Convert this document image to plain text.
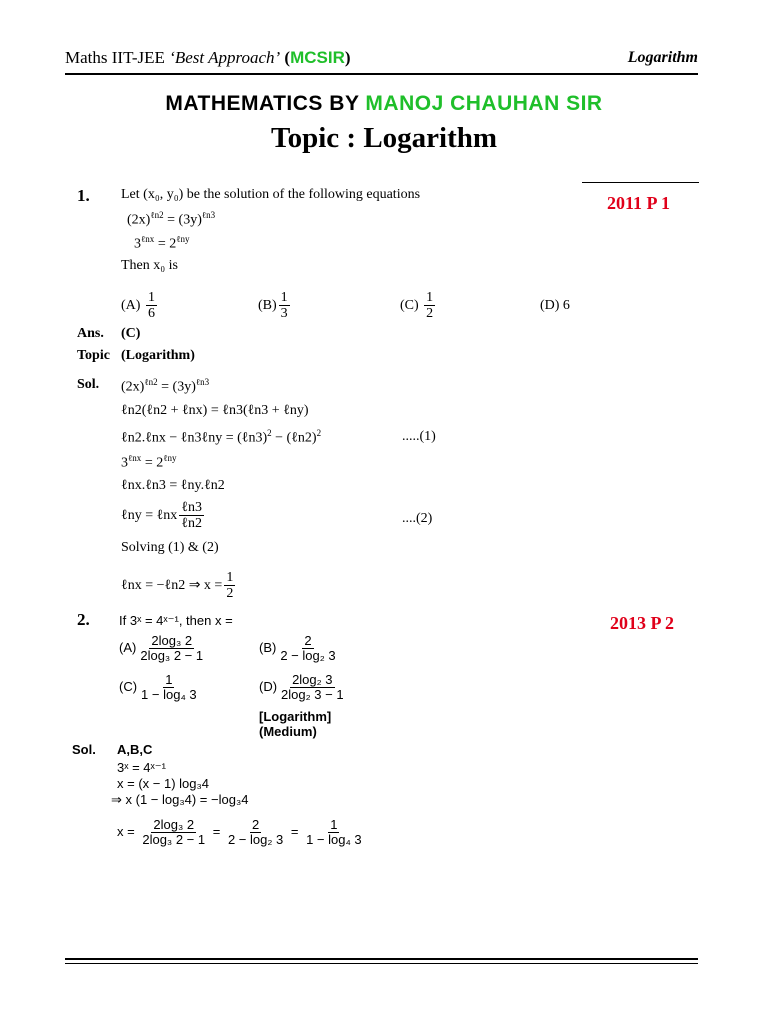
Maths IIT-JEE ‘Best Approach’ (MCSIR)	Logarithm
MATHEMATICS BY MANOJ CHAUHAN SIR
Topic : Logarithm
1.	2011 P 1
Let (x₀, y₀) be the solution of the following equations
$(2x)^{\ell n2} = (3y)^{\ell n3}$
$3^{\ell nx} = 2^{\ell ny}$
Then x₀ is
$(A) \frac{1}{6}$	$(B) \frac{1}{3}$	$(C) \frac{1}{2}$	(D) 6
Ans. (C)
Topic (Logarithm)
Sol. $(2x)^{\ell n2} = (3y)^{\ell n3}$
ℓn2(ℓn2 + ℓnx) = ℓn3(ℓn3 + ℓny)
ℓn2.ℓnx − ℓn3ℓny = (ℓn3)$^2$ − (ℓn2)$^2$	.....(1)
$3^{\ell nx} = 2^{\ell ny}$
ℓnx.ℓn3 = ℓny.ℓn2
ℓny = ℓnx $\frac{\text{ℓn3}}{\text{ℓn2}}$	....(2)
Solving (1) & (2)
ℓnx = −ℓn2 ⇒ $x = \frac{1}{2}$
2.	2013 P 2
If 3ˣ = 4ˣ⁻¹, then x =
$(A) \frac{\text{2log₃ 2}}{\text{2log₃ 2 − 1}}$	$(B) \frac{2}{\text{2 − log₂ 3}}$
$(C) \frac{1}{\text{1 − log₄ 3}}$	$(D) \frac{\text{2log₂ 3}}{\text{2log₂ 3 − 1}}$
[Logarithm]
(Medium)
Sol. A,B,C
3ˣ = 4ˣ⁻¹
x = (x − 1) log₃4
⇒ x (1 − log₃4) = −log₃4
$x = \frac{\text{2log₃ 2}}{\text{2log₃ 2 − 1}} = \frac{2}{\text{2 − log₂ 3}} = \frac{1}{\text{1 − log₄ 3}}$
